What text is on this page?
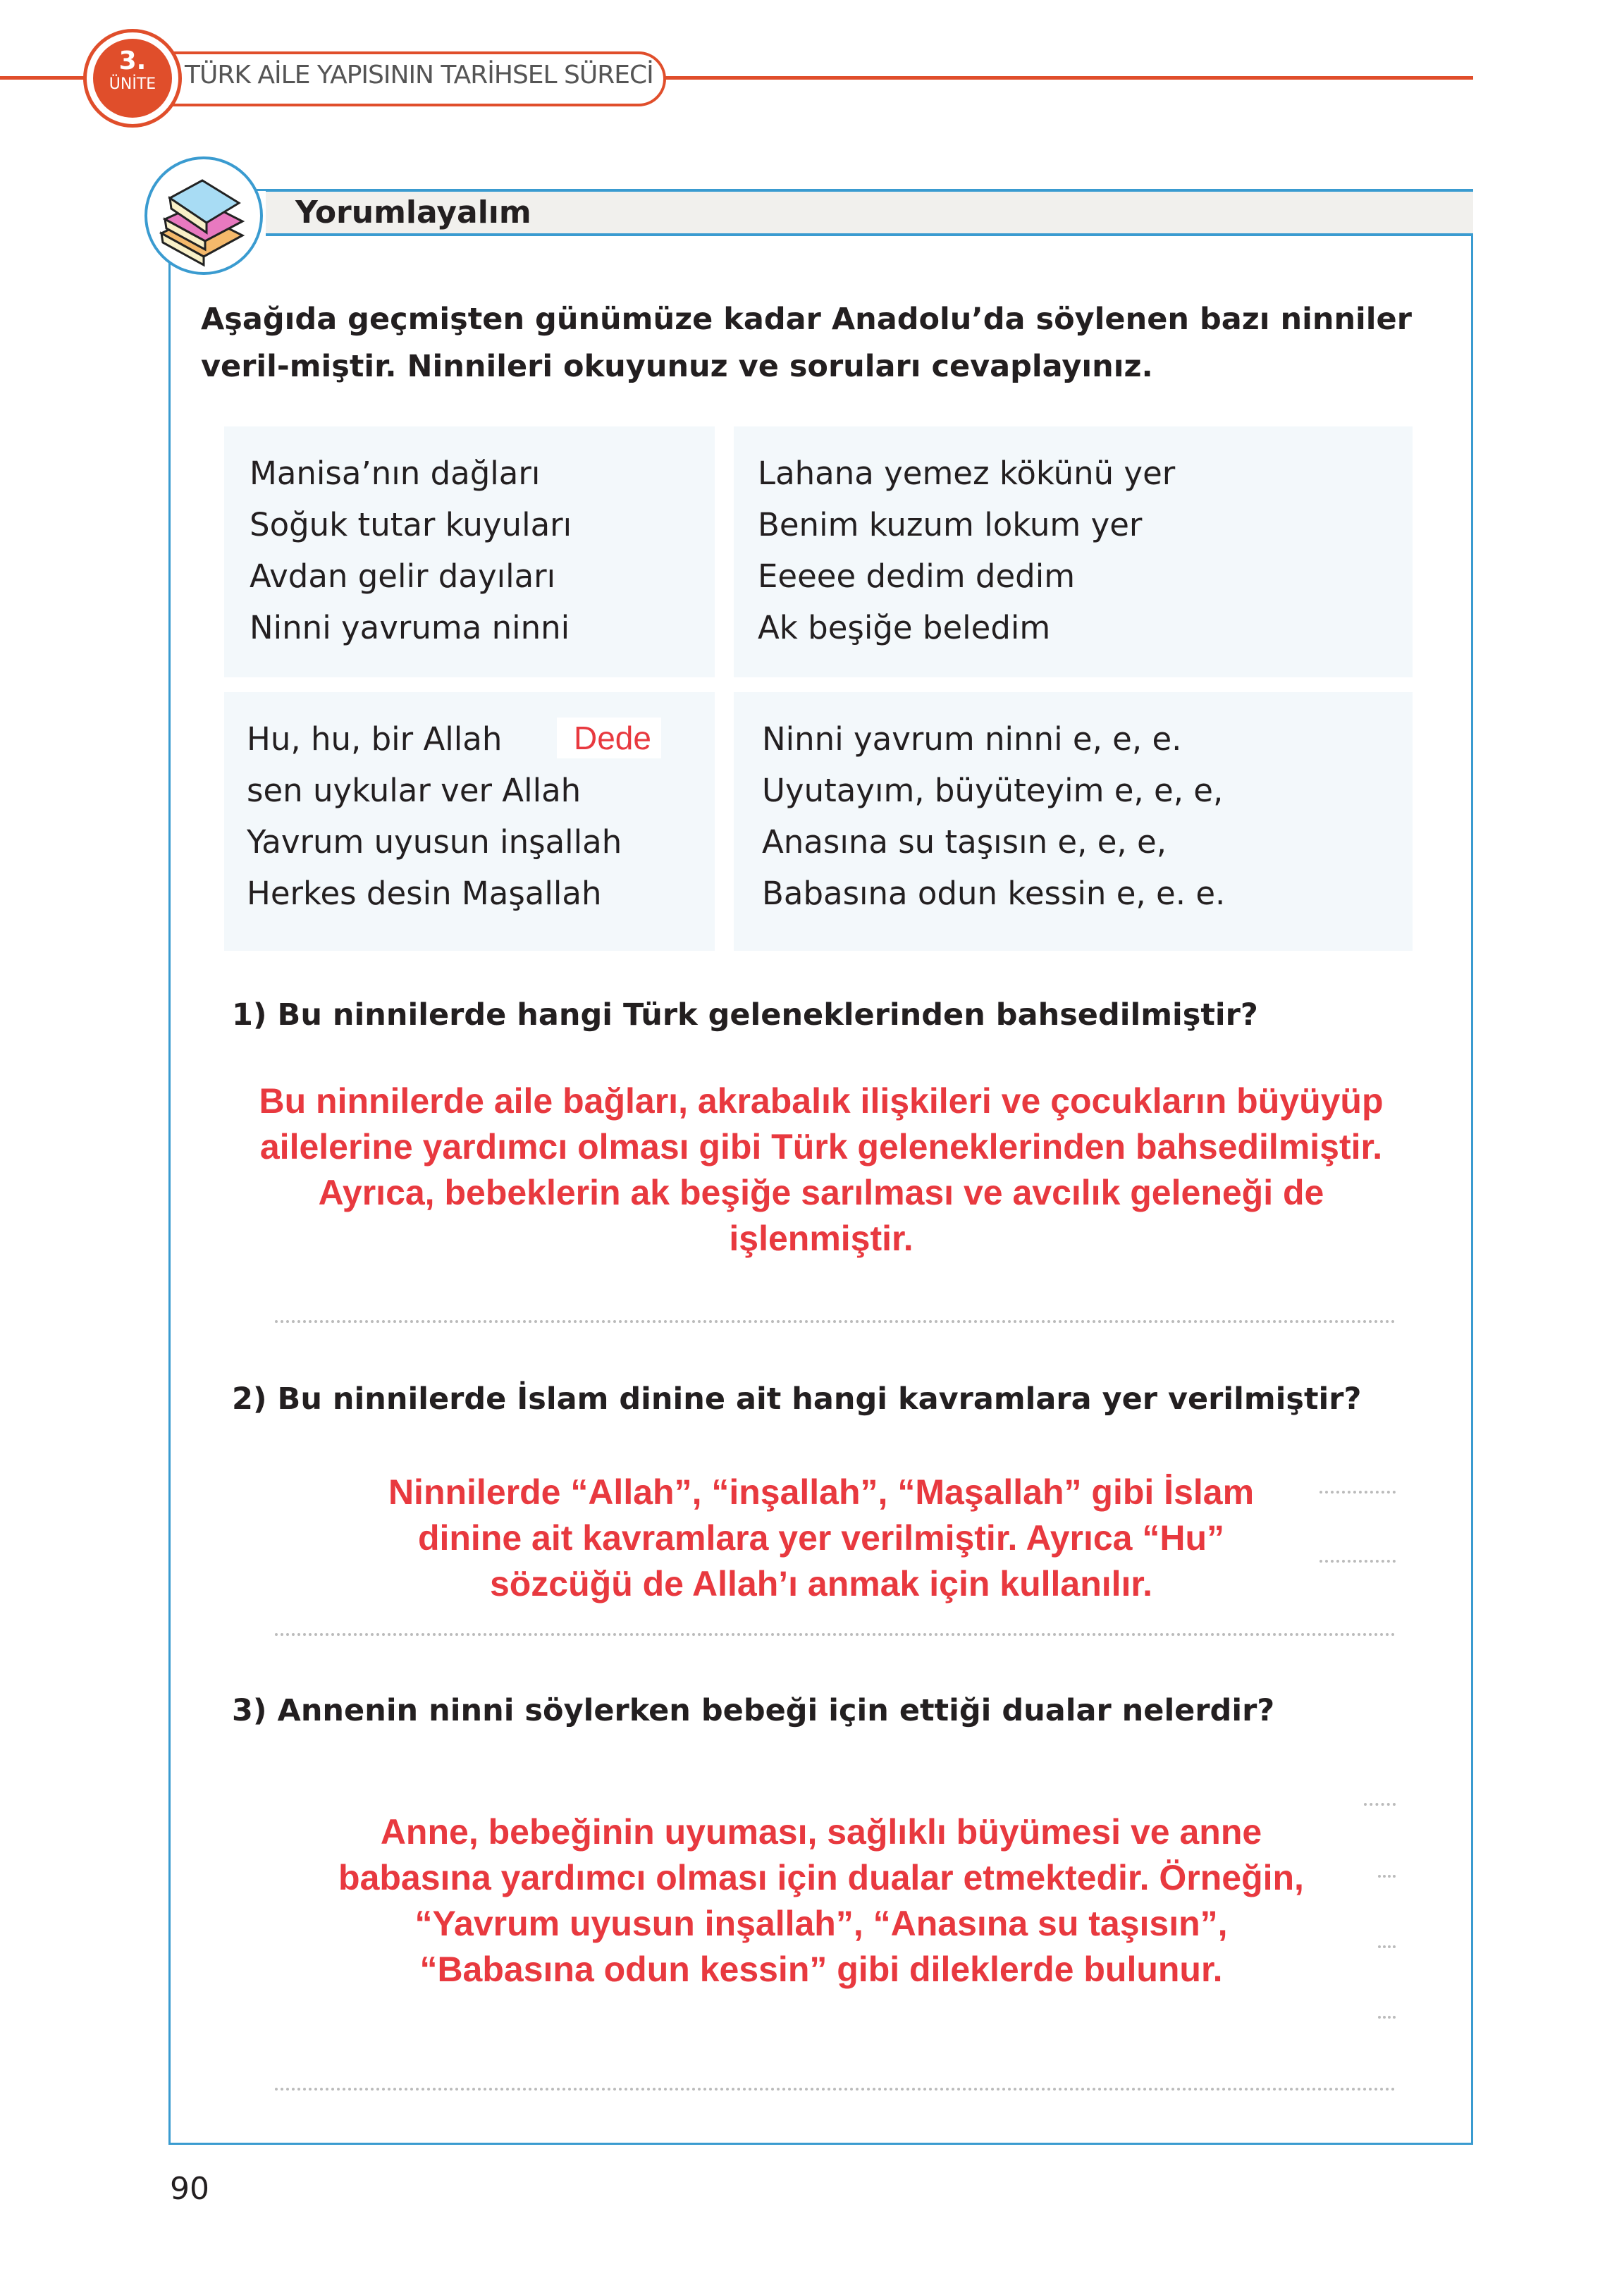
TÜRK AİLE YAPISININ TARİHSEL SÜRECİ
3.
ÜNİTE
Yorumlayalım
Aşağıda geçmişten günümüze kadar Anadolu’da söylenen bazı ninniler veril-miştir. Ninnileri okuyunuz ve soruları cevaplayınız.
Manisa’nın dağları
Soğuk tutar kuyuları
Avdan gelir dayıları
Ninni yavruma ninni
Lahana yemez kökünü yer
Benim kuzum lokum yer
Eeeee dedim dedim
Ak beşiğe beledim
Hu, hu, bir Allah
sen uykular ver Allah
Yavrum uyusun inşallah
Herkes desin Maşallah
Ninni yavrum ninni e, e, e.
Uyutayım, büyüteyim e, e, e,
Anasına su taşısın e, e, e,
Babasına odun kessin e, e. e.
Dede
1) Bu ninnilerde hangi Türk geleneklerinden bahsedilmiştir?
Bu ninnilerde aile bağları, akrabalık ilişkileri ve çocukların büyüyüp
ailelerine yardımcı olması gibi Türk geleneklerinden bahsedilmiştir.
Ayrıca, bebeklerin ak beşiğe sarılması ve avcılık geleneği de
işlenmiştir.
2) Bu ninnilerde İslam dinine ait hangi kavramlara yer verilmiştir?
Ninnilerde “Allah”, “inşallah”, “Maşallah” gibi İslam
dinine ait kavramlara yer verilmiştir. Ayrıca “Hu”
sözcüğü de Allah’ı anmak için kullanılır.
3) Annenin ninni söylerken bebeği için ettiği dualar nelerdir?
Anne, bebeğinin uyuması, sağlıklı büyümesi ve anne
babasına yardımcı olması için dualar etmektedir. Örneğin,
“Yavrum uyusun inşallah”, “Anasına su taşısın”,
“Babasına odun kessin” gibi dileklerde bulunur.
90
